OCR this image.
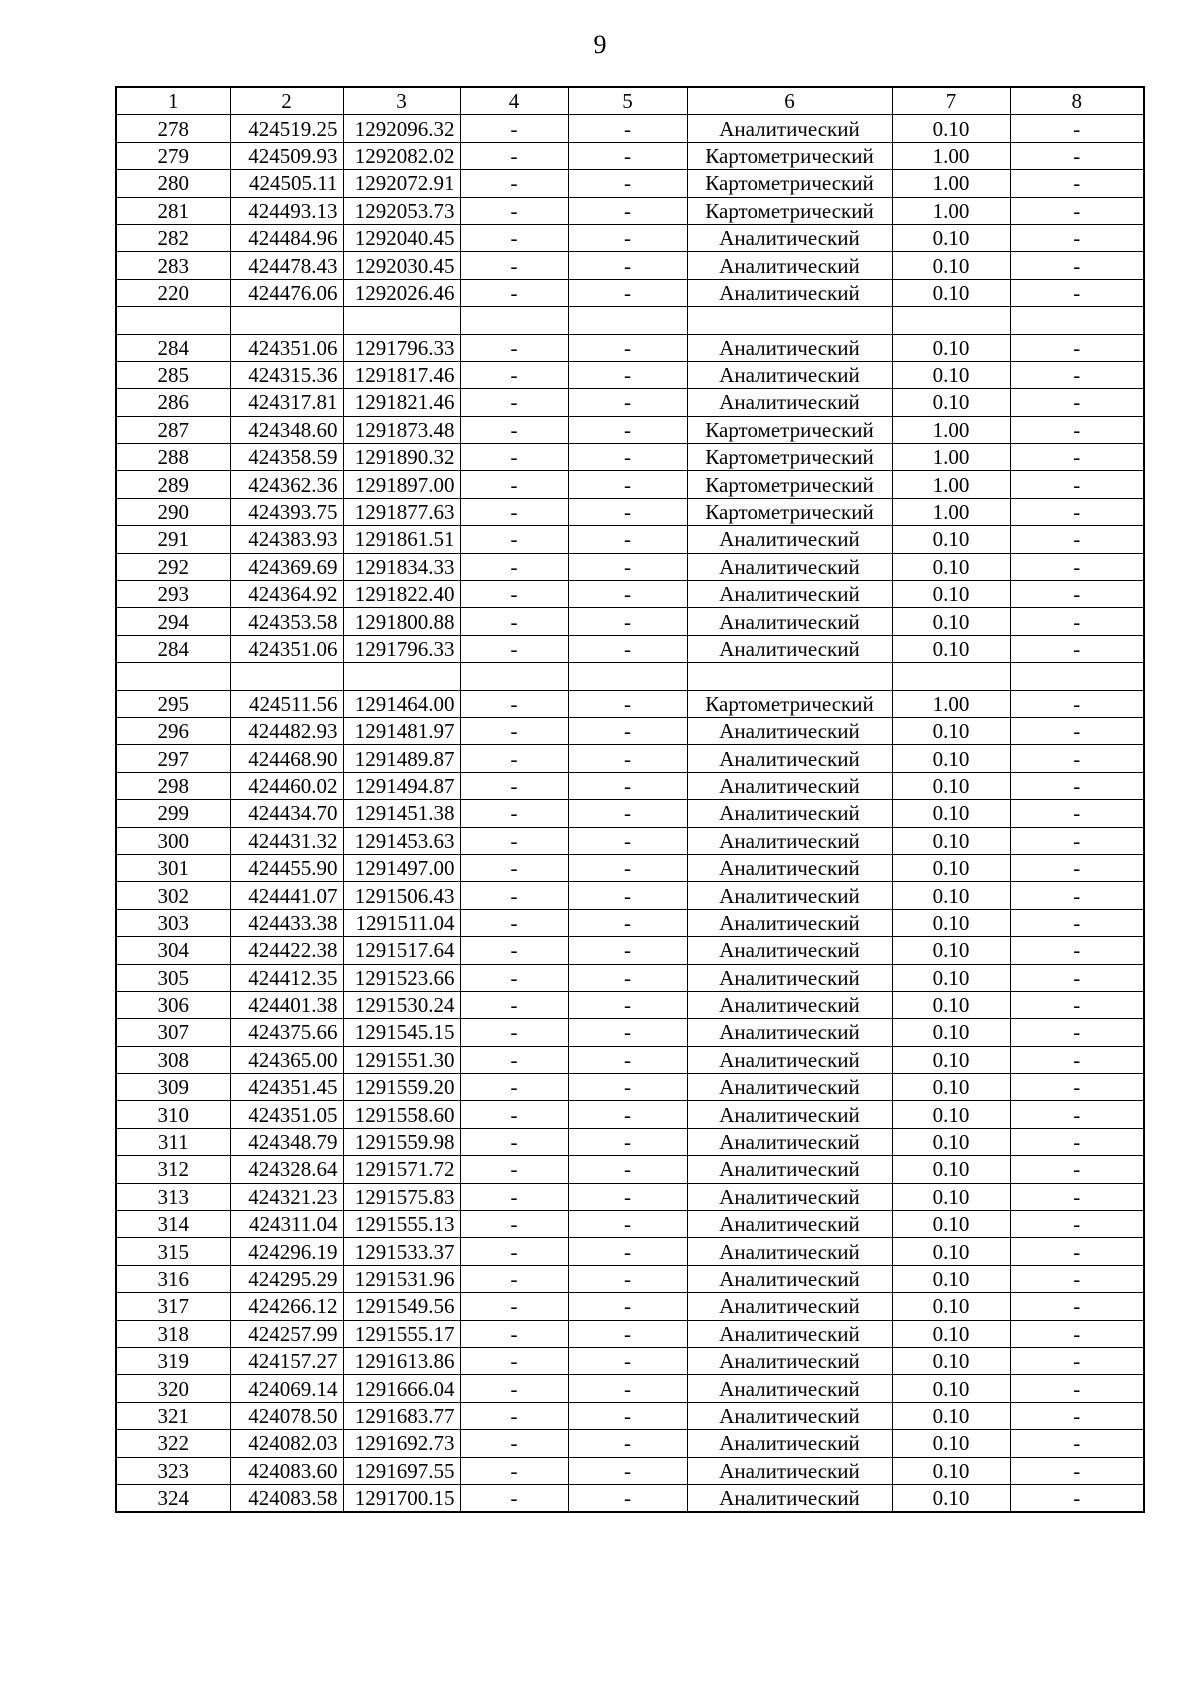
9
1	2	3	4	5	6	7	8
278	424519.25	1292096.32	-	-	Аналитический	0.10	-
279	424509.93	1292082.02	-	-	Картометрический	1.00	-
280	424505.11	1292072.91	-	-	Картометрический	1.00	-
281	424493.13	1292053.73	-	-	Картометрический	1.00	-
282	424484.96	1292040.45	-	-	Аналитический	0.10	-
283	424478.43	1292030.45	-	-	Аналитический	0.10	-
220	424476.06	1292026.46	-	-	Аналитический	0.10	-

284	424351.06	1291796.33	-	-	Аналитический	0.10	-
285	424315.36	1291817.46	-	-	Аналитический	0.10	-
286	424317.81	1291821.46	-	-	Аналитический	0.10	-
287	424348.60	1291873.48	-	-	Картометрический	1.00	-
288	424358.59	1291890.32	-	-	Картометрический	1.00	-
289	424362.36	1291897.00	-	-	Картометрический	1.00	-
290	424393.75	1291877.63	-	-	Картометрический	1.00	-
291	424383.93	1291861.51	-	-	Аналитический	0.10	-
292	424369.69	1291834.33	-	-	Аналитический	0.10	-
293	424364.92	1291822.40	-	-	Аналитический	0.10	-
294	424353.58	1291800.88	-	-	Аналитический	0.10	-
284	424351.06	1291796.33	-	-	Аналитический	0.10	-

295	424511.56	1291464.00	-	-	Картометрический	1.00	-
296	424482.93	1291481.97	-	-	Аналитический	0.10	-
297	424468.90	1291489.87	-	-	Аналитический	0.10	-
298	424460.02	1291494.87	-	-	Аналитический	0.10	-
299	424434.70	1291451.38	-	-	Аналитический	0.10	-
300	424431.32	1291453.63	-	-	Аналитический	0.10	-
301	424455.90	1291497.00	-	-	Аналитический	0.10	-
302	424441.07	1291506.43	-	-	Аналитический	0.10	-
303	424433.38	1291511.04	-	-	Аналитический	0.10	-
304	424422.38	1291517.64	-	-	Аналитический	0.10	-
305	424412.35	1291523.66	-	-	Аналитический	0.10	-
306	424401.38	1291530.24	-	-	Аналитический	0.10	-
307	424375.66	1291545.15	-	-	Аналитический	0.10	-
308	424365.00	1291551.30	-	-	Аналитический	0.10	-
309	424351.45	1291559.20	-	-	Аналитический	0.10	-
310	424351.05	1291558.60	-	-	Аналитический	0.10	-
311	424348.79	1291559.98	-	-	Аналитический	0.10	-
312	424328.64	1291571.72	-	-	Аналитический	0.10	-
313	424321.23	1291575.83	-	-	Аналитический	0.10	-
314	424311.04	1291555.13	-	-	Аналитический	0.10	-
315	424296.19	1291533.37	-	-	Аналитический	0.10	-
316	424295.29	1291531.96	-	-	Аналитический	0.10	-
317	424266.12	1291549.56	-	-	Аналитический	0.10	-
318	424257.99	1291555.17	-	-	Аналитический	0.10	-
319	424157.27	1291613.86	-	-	Аналитический	0.10	-
320	424069.14	1291666.04	-	-	Аналитический	0.10	-
321	424078.50	1291683.77	-	-	Аналитический	0.10	-
322	424082.03	1291692.73	-	-	Аналитический	0.10	-
323	424083.60	1291697.55	-	-	Аналитический	0.10	-
324	424083.58	1291700.15	-	-	Аналитический	0.10	-
